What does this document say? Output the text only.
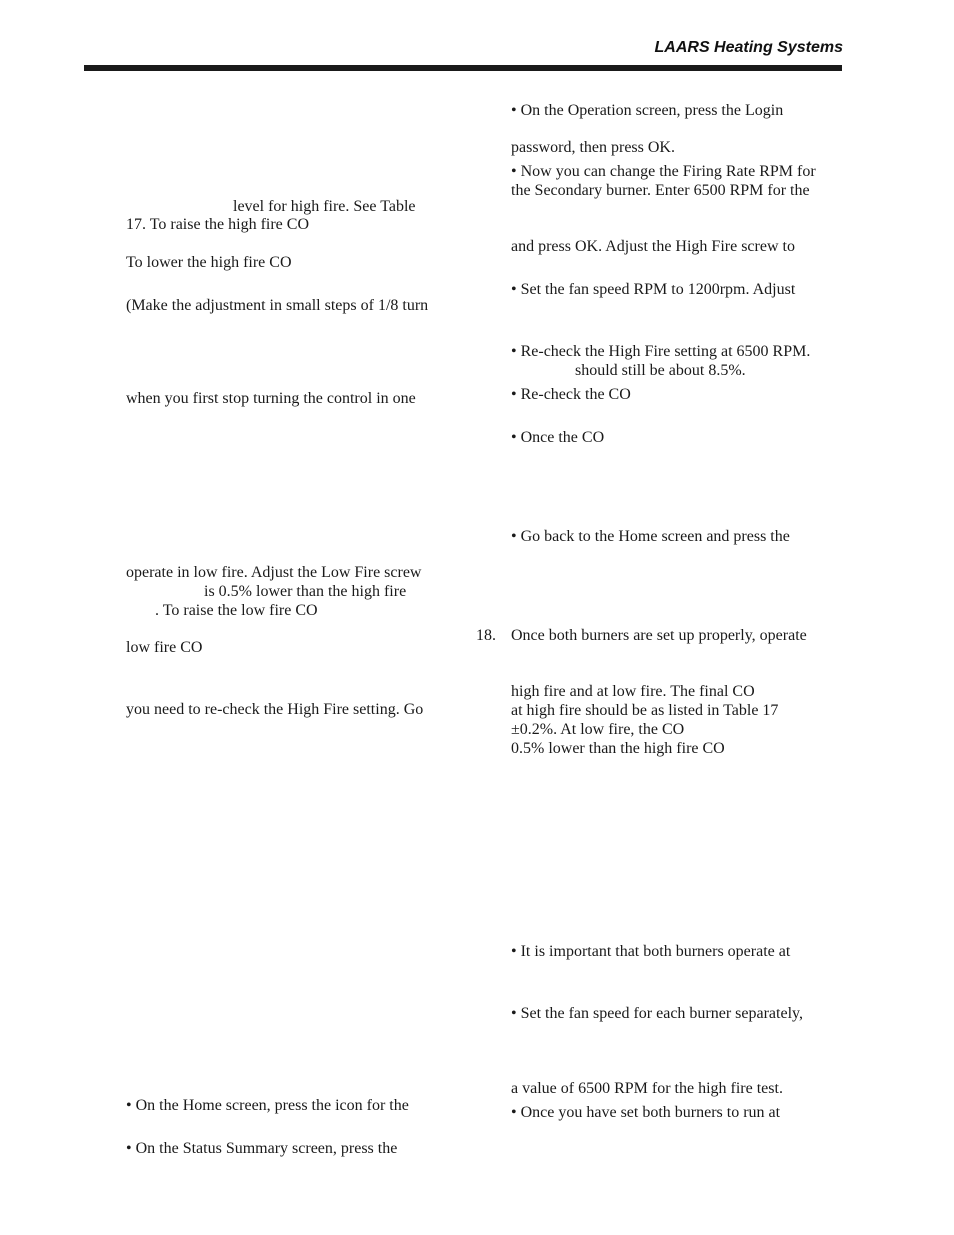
LAARS Heating Systems
level for high fire. See Table
17. To raise the high fire CO
To lower the high fire CO
(Make the adjustment in small steps of 1/8 turn
when you first stop turning the control in one
operate in low fire. Adjust the Low Fire screw
is 0.5% lower than the high fire
. To raise the low fire CO
low fire CO
you need to re-check the High Fire setting. Go
• On the Home screen, press the icon for the
• On the Status Summary screen, press the
• On the Operation screen, press the Login
password, then press OK.
• Now you can change the Firing Rate RPM for
the Secondary burner. Enter 6500 RPM for the
and press OK. Adjust the High Fire screw to
• Set the fan speed RPM to 1200rpm. Adjust
• Re-check the High Fire setting at 6500 RPM.
should still be about 8.5%.
• Re-check the CO
• Once the CO
• Go back to the Home screen and press the
18. Once both burners are set up properly, operate
high fire and at low fire. The final CO
at high fire should be as listed in Table 17
±0.2%. At low fire, the CO
0.5% lower than the high fire CO
• It is important that both burners operate at
• Set the fan speed for each burner separately,
a value of 6500 RPM for the high fire test.
• Once you have set both burners to run at
